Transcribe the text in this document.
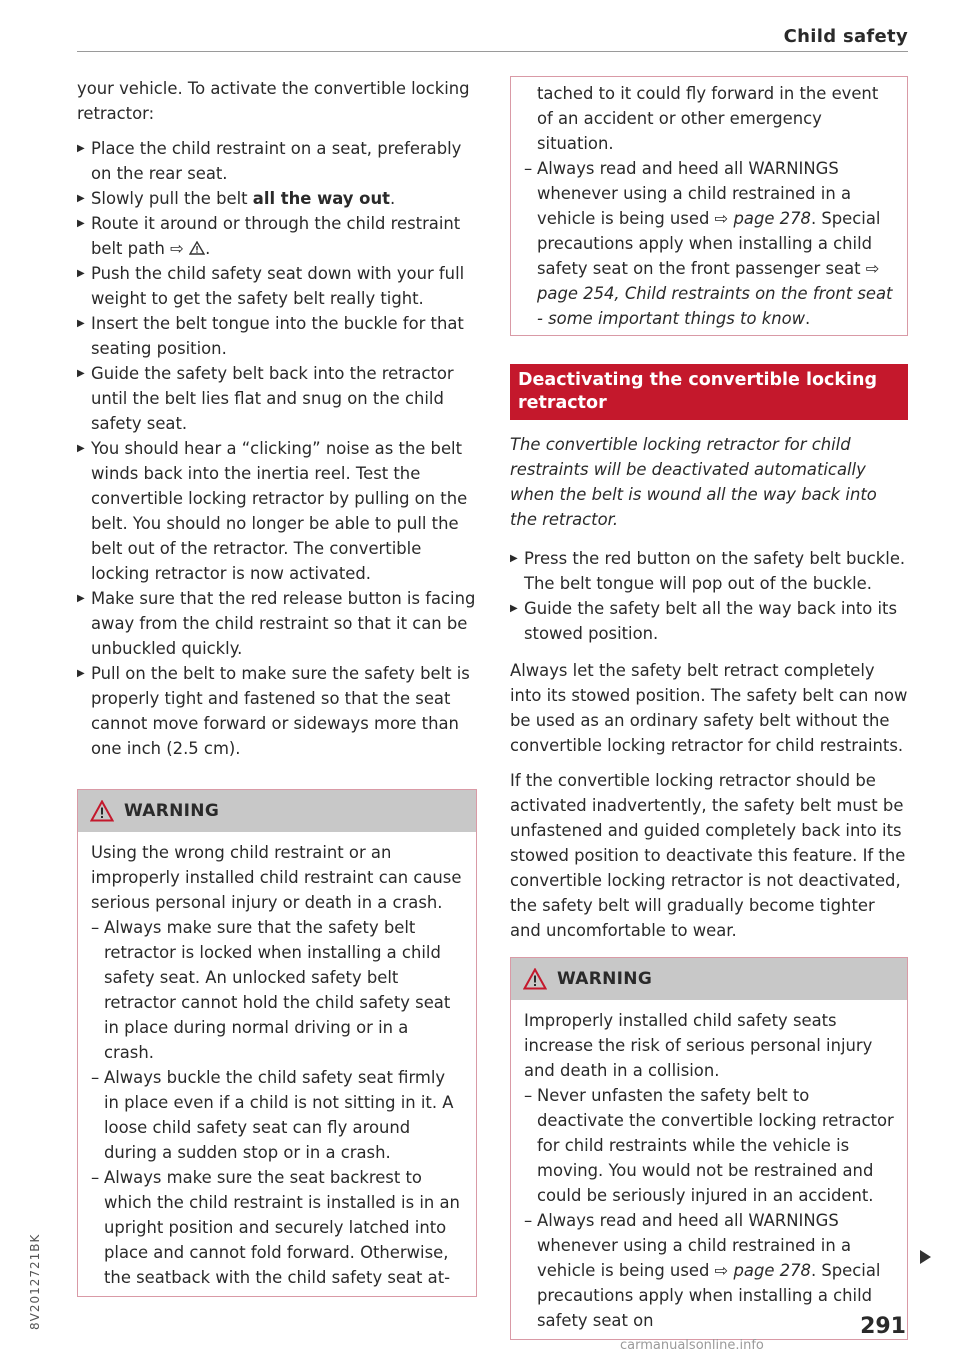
Child safety

your vehicle. To activate the convertible locking retractor:

▶ Place the child restraint on a seat, preferably on the rear seat.
▶ Slowly pull the belt all the way out.
▶ Route it around or through the child restraint belt path ⇨ .
▶ Push the child safety seat down with your full weight to get the safety belt really tight.
▶ Insert the belt tongue into the buckle for that seating position.
▶ Guide the safety belt back into the retractor until the belt lies flat and snug on the child safety seat.
▶ You should hear a “clicking” noise as the belt winds back into the inertia reel. Test the convertible locking retractor by pulling on the belt. You should no longer be able to pull the belt out of the retractor. The convertible locking retractor is now activated.
▶ Make sure that the red release button is facing away from the child restraint so that it can be unbuckled quickly.
▶ Pull on the belt to make sure the safety belt is properly tight and fastened so that the seat cannot move forward or sideways more than one inch (2.5 cm).
WARNING

Using the wrong child restraint or an improperly installed child restraint can cause serious personal injury or death in a crash.

– Always make sure that the safety belt retractor is locked when installing a child safety seat. An unlocked safety belt retractor cannot hold the child safety seat in place during normal driving or in a crash.
– Always buckle the child safety seat firmly in place even if a child is not sitting in it. A loose child safety seat can fly around during a sudden stop or in a crash.
– Always make sure the seat backrest to which the child restraint is installed is in an upright position and securely latched into place and cannot fold forward. Otherwise, the seatback with the child safety seat at-

tached to it could fly forward in the event of an accident or other emergency situation.

– Always read and heed all WARNINGS whenever using a child restrained in a vehicle is being used ⇨ page 278. Special precautions apply when installing a child safety seat on the front passenger seat ⇨ page 254, Child restraints on the front seat - some important things to know.
Deactivating the convertible locking retractor

The convertible locking retractor for child restraints will be deactivated automatically when the belt is wound all the way back into the retractor.

▶ Press the red button on the safety belt buckle. The belt tongue will pop out of the buckle.
▶ Guide the safety belt all the way back into its stowed position.

Always let the safety belt retract completely into its stowed position. The safety belt can now be used as an ordinary safety belt without the convertible locking retractor for child restraints.

If the convertible locking retractor should be activated inadvertently, the safety belt must be unfastened and guided completely back into its stowed position to deactivate this feature. If the convertible locking retractor is not deactivated, the safety belt will gradually become tighter and uncomfortable to wear.

WARNING

Improperly installed child safety seats increase the risk of serious personal injury and death in a collision.

– Never unfasten the safety belt to deactivate the convertible locking retractor for child restraints while the vehicle is moving. You would not be restrained and could be seriously injured in an accident.
– Always read and heed all WARNINGS whenever using a child restrained in a vehicle is being used ⇨ page 278. Special precautions apply when installing a child safety seat on
8V2012721BK	291
carmanualsonline.info
